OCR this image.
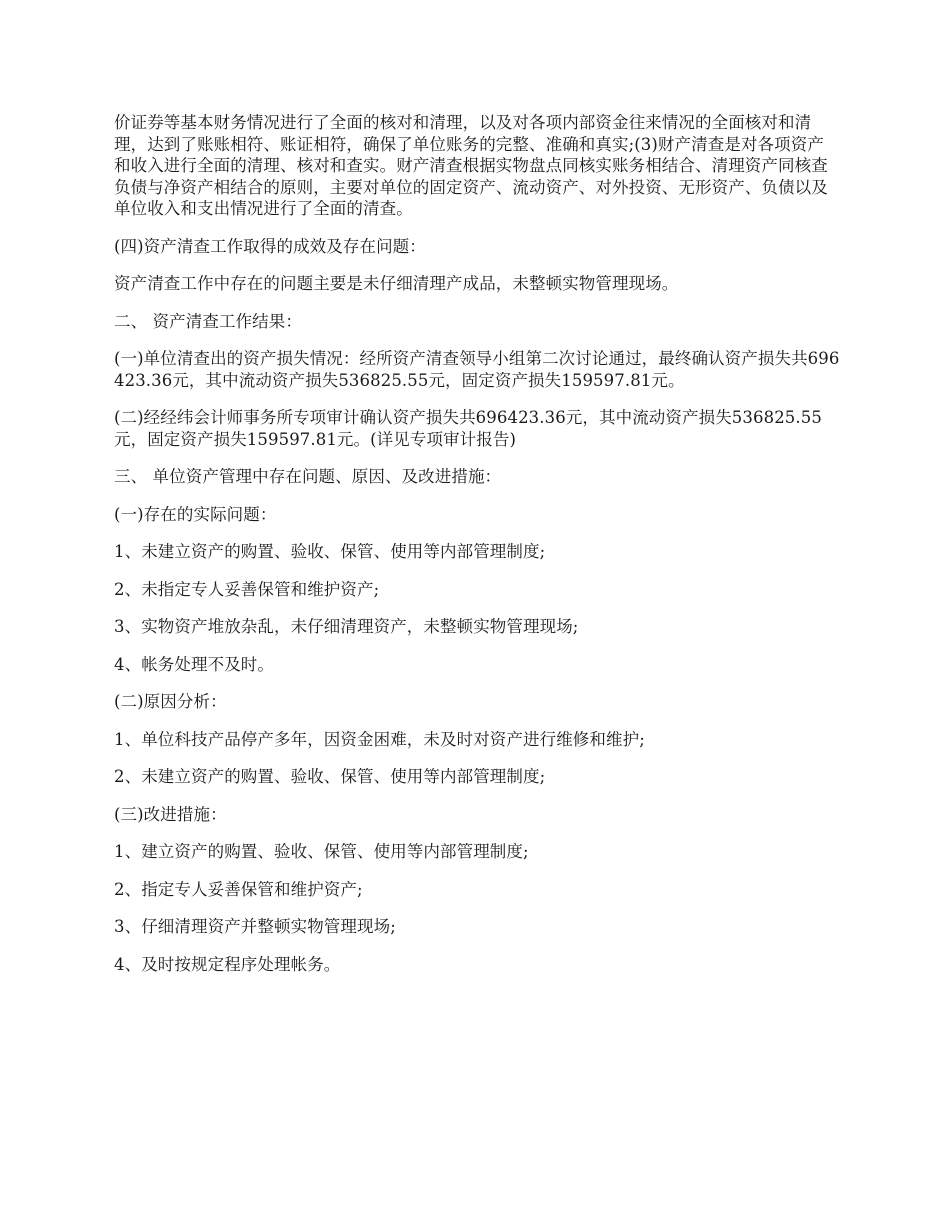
价证券等基本财务情况进行了全面的核对和清理，以及对各项内部资金往来情况的全面核对和清理，达到了账账相符、账证相符，确保了单位账务的完整、准确和真实;(3)财产清查是对各项资产和收入进行全面的清理、核对和查实。财产清查根据实物盘点同核实账务相结合、清理资产同核查负债与净资产相结合的原则，主要对单位的固定资产、流动资产、对外投资、无形资产、负债以及单位收入和支出情况进行了全面的清查。

(四)资产清查工作取得的成效及存在问题：

资产清查工作中存在的问题主要是未仔细清理产成品，未整顿实物管理现场。

二、 资产清查工作结果：

(一)单位清查出的资产损失情况：经所资产清查领导小组第二次讨论通过，最终确认资产损失共696423.36元，其中流动资产损失536825.55元，固定资产损失159597.81元。

(二)经经纬会计师事务所专项审计确认资产损失共696423.36元，其中流动资产损失536825.55元，固定资产损失159597.81元。(详见专项审计报告)

三、 单位资产管理中存在问题、原因、及改进措施：

(一)存在的实际问题：

1、未建立资产的购置、验收、保管、使用等内部管理制度;

2、未指定专人妥善保管和维护资产;

3、实物资产堆放杂乱，未仔细清理资产，未整顿实物管理现场;

4、帐务处理不及时。

(二)原因分析：

1、单位科技产品停产多年，因资金困难，未及时对资产进行维修和维护;

2、未建立资产的购置、验收、保管、使用等内部管理制度;

(三)改进措施：

1、建立资产的购置、验收、保管、使用等内部管理制度;

2、指定专人妥善保管和维护资产;

3、仔细清理资产并整顿实物管理现场;

4、及时按规定程序处理帐务。
